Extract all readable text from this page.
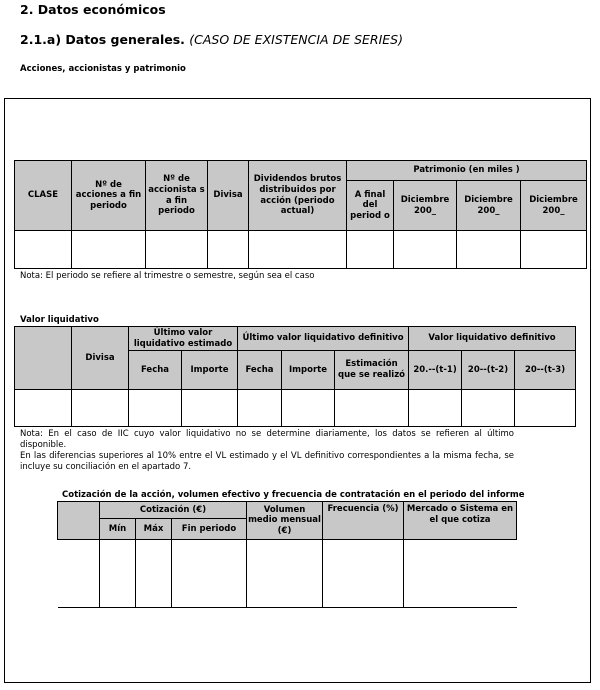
2. Datos económicos
2.1.a) Datos generales. (CASO DE EXISTENCIA DE SERIES)
Acciones, accionistas y patrimonio
CLASE	Nº de acciones a fin periodo	Nº de accionista s a fin periodo	Divisa	Dividendos brutos distribuidos por acción (periodo actual)	Patrimonio (en miles )			
					A final del period o	Diciembre 200_	Diciembre 200_	Diciembre 200_

Nota: El periodo se refiere al trimestre o semestre, según sea el caso
Valor liquidativo
	Divisa	Último valor liquidativo estimado		Último valor liquidativo definitivo			Valor liquidativo definitivo		
		Fecha	Importe	Fecha	Importe	Estimación que se realizó	20.--(t-1)	20--(t-2)	20--(t-3)

Nota: En el caso de IIC cuyo valor liquidativo no se determine diariamente, los datos se refieren al último disponible.
En las diferencias superiores al 10% entre el VL estimado y el VL definitivo correspondientes a la misma fecha, se incluye su conciliación en el apartado 7.
Cotización de la acción, volumen efectivo y frecuencia de contratación en el periodo del informe
	Cotización (€)			Volumen medio mensual (€)	Frecuencia (%)	Mercado o Sistema en el que cotiza
	Mín	Máx	Fin periodo			
